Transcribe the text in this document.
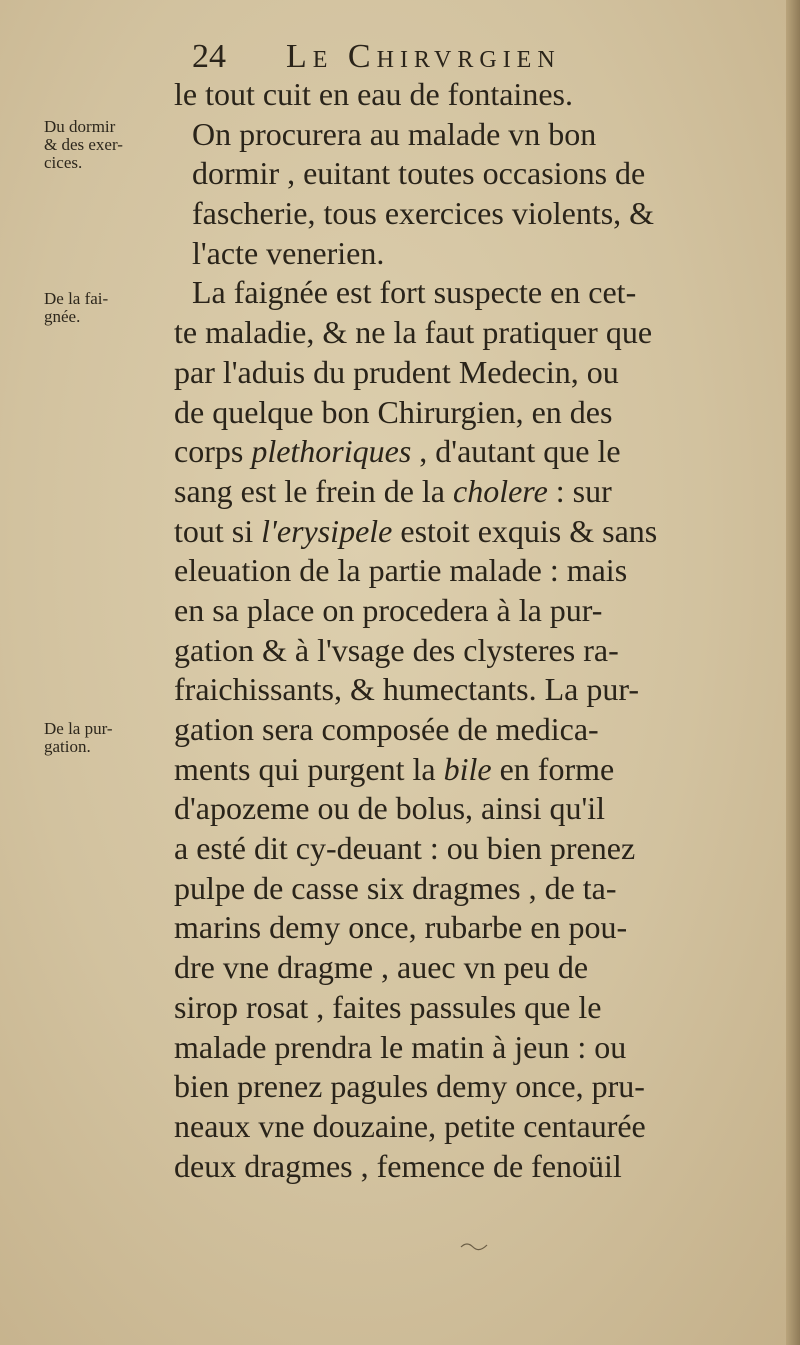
24 Le Chirvrgien
Du dormir
& des exer-
cices.
De la fai-
gnée.
De la pur-
gation.
le tout cuit en eau de fontaines.
On procurera au malade vn bon
dormir , euitant toutes occasions de
fascherie, tous exercices violents, &
l'acte venerien.
La faignée est fort suspecte en cet-
te maladie, & ne la faut pratiquer que
par l'aduis du prudent Medecin, ou
de quelque bon Chirurgien, en des
corps plethoriques , d'autant que le
sang est le frein de la cholere : sur
tout si l'erysipele estoit exquis & sans
eleuation de la partie malade : mais
en sa place on procedera à la pur-
gation & à l'vsage des clysteres ra-
fraichissants, & humectants. La pur-
gation sera composée de medica-
ments qui purgent la bile en forme
d'apozeme ou de bolus, ainsi qu'il
a esté dit cy-deuant : ou bien prenez
pulpe de casse six dragmes , de ta-
marins demy once, rubarbe en pou-
dre vne dragme , auec vn peu de
sirop rosat , faites passules que le
malade prendra le matin à jeun : ou
bien prenez pagules demy once, pru-
neaux vne douzaine, petite centaurée
deux dragmes , femence de fenoüil
